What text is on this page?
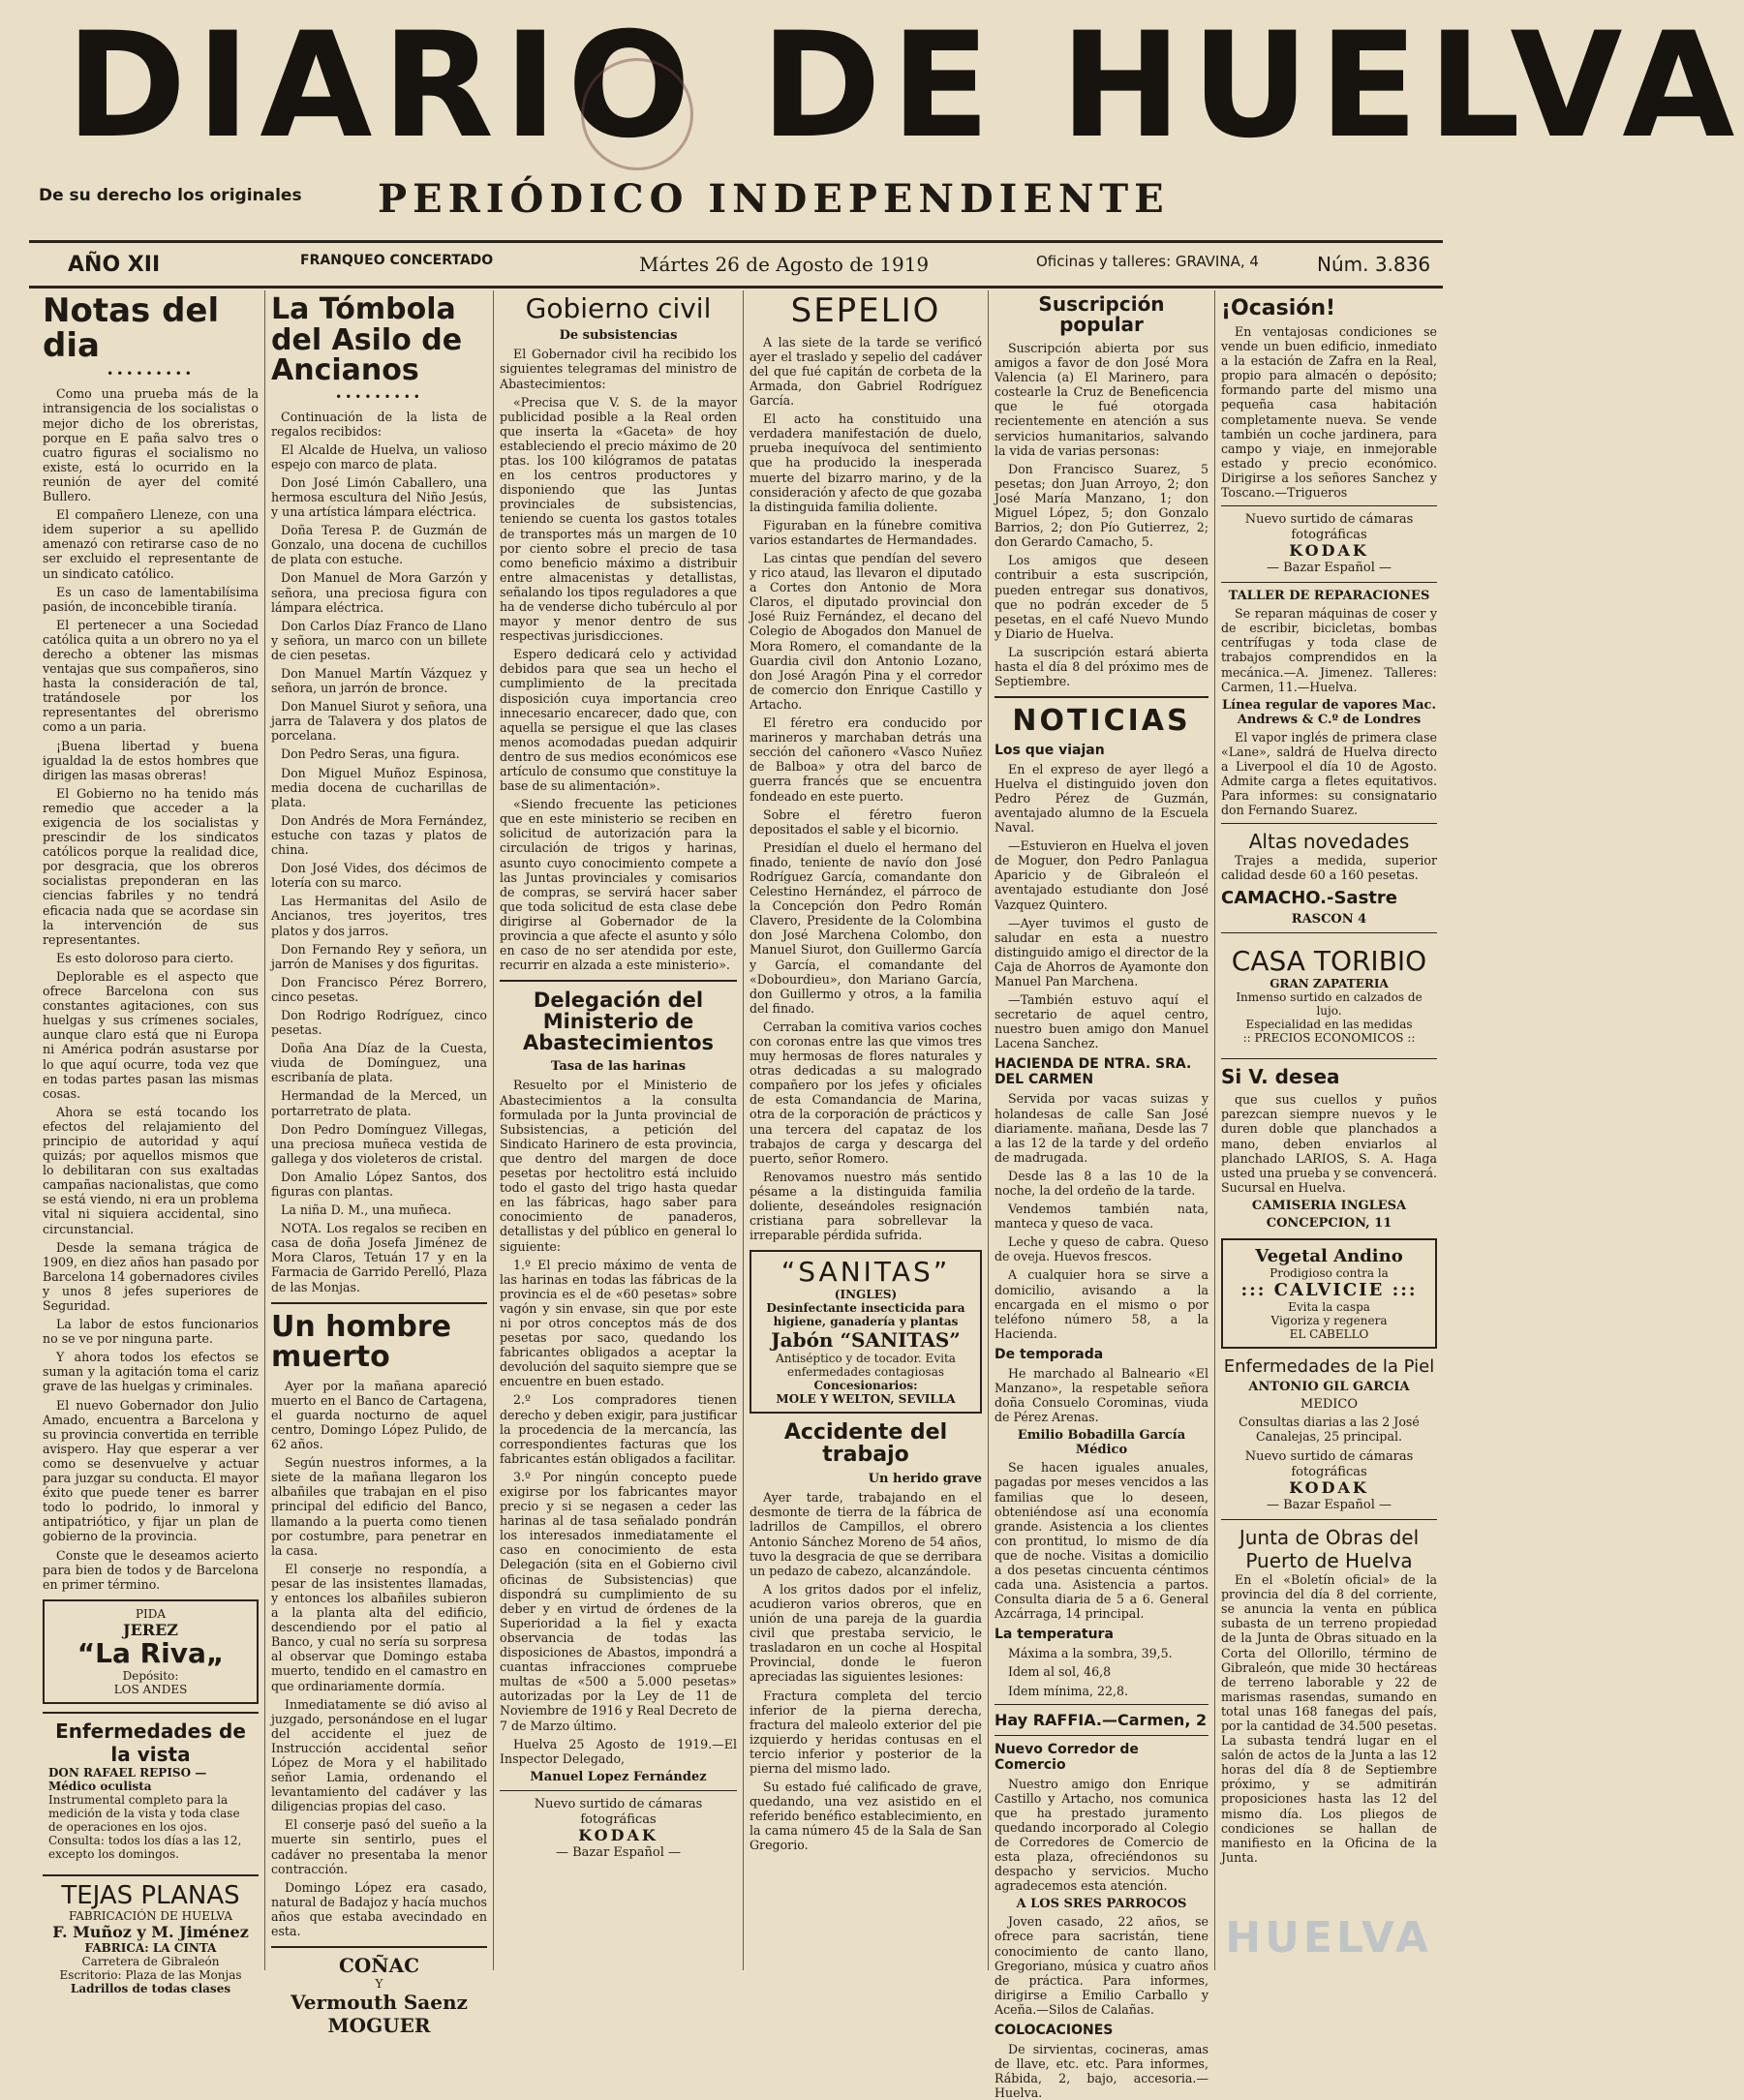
DIARIO DE HUELVA
De su derecho los originales PERIÓDICO INDEPENDIENTE
AÑO XII	FRANQUEO CONCERTADO	Mártes 26 de Agosto de 1919	Oficinas y talleres: GRAVINA, 4	Núm. 3.836
Notas del dia
•••••••••

Como una prueba más de la intransigencia de los socialistas o mejor dicho de los obreristas, porque en E paña salvo tres o cuatro figuras el socialismo no existe, está lo ocurrido en la reunión de ayer del comité Bullero.

El compañero Lleneze, con una idem superior a su apellido amenazó con retirarse caso de no ser excluido el representante de un sindicato católico.

Es un caso de lamentabilísima pasión, de inconcebible tiranía.

El pertenecer a una Sociedad católica quita a un obrero no ya el derecho a obtener las mismas ventajas que sus compañeros, sino hasta la consideración de tal, tratándosele por los representantes del obrerismo como a un paria.

¡Buena libertad y buena igualdad la de estos hombres que dirigen las masas obreras!

El Gobierno no ha tenido más remedio que acceder a la exigencia de los socialistas y prescindir de los sindicatos católicos porque la realidad dice, por desgracia, que los obreros socialistas preponderan en las ciencias fabriles y no tendrá eficacia nada que se acordase sin la intervención de sus representantes.

Es esto doloroso para cierto.

Deplorable es el aspecto que ofrece Barcelona con sus constantes agitaciones, con sus huelgas y sus crímenes sociales, aunque claro está que ni Europa ni América podrán asustarse por lo que aquí ocurre, toda vez que en todas partes pasan las mismas cosas.

Ahora se está tocando los efectos del relajamiento del principio de autoridad y aquí quizás; por aquellos mismos que lo debilitaran con sus exaltadas campañas nacionalistas, que como se está viendo, ni era un problema vital ni siquiera accidental, sino circunstancial.

Desde la semana trágica de 1909, en diez años han pasado por Barcelona 14 gobernadores civiles y unos 8 jefes superiores de Seguridad.

La labor de estos funcionarios no se ve por ninguna parte.

Y ahora todos los efectos se suman y la agitación toma el cariz grave de las huelgas y criminales.

El nuevo Gobernador don Julio Amado, encuentra a Barcelona y su provincia convertida en terrible avispero. Hay que esperar a ver como se desenvuelve y actuar para juzgar su conducta. El mayor éxito que puede tener es barrer todo lo podrido, lo inmoral y antipatriótico, y fijar un plan de gobierno de la provincia.

Conste que le deseamos acierto para bien de todos y de Barcelona en primer término.

PIDA
JEREZ
“La Riva„
Depósito:
LOS ANDES
Enfermedades de la vista
DON RAFAEL REPISO —Médico oculista
Instrumental completo para la medición de la vista y toda clase de operaciones en los ojos. Consulta: todos los días a las 12, excepto los domingos.
TEJAS PLANAS
FABRICACIÓN DE HUELVA
F. Muñoz y M. Jiménez
FABRICA: LA CINTA
Carretera de Gibraleón
Escritorio: Plaza de las Monjas
Ladrillos de todas clases
La Tómbola del Asilo de Ancianos
•••••••••

Continuación de la lista de regalos recibidos:

El Alcalde de Huelva, un valioso espejo con marco de plata.

Don José Limón Caballero, una hermosa escultura del Niño Jesús, y una artística lámpara eléctrica.

Doña Teresa P. de Guzmán de Gonzalo, una docena de cuchillos de plata con estuche.

Don Manuel de Mora Garzón y señora, una preciosa figura con lámpara eléctrica.

Don Carlos Díaz Franco de Llano y señora, un marco con un billete de cien pesetas.

Don Manuel Martín Vázquez y señora, un jarrón de bronce.

Don Manuel Siurot y señora, una jarra de Talavera y dos platos de porcelana.

Don Pedro Seras, una figura.

Don Miguel Muñoz Espinosa, media docena de cucharillas de plata.

Don Andrés de Mora Fernández, estuche con tazas y platos de china.

Don José Vides, dos décimos de lotería con su marco.

Las Hermanitas del Asilo de Ancianos, tres joyeritos, tres platos y dos jarros.

Don Fernando Rey y señora, un jarrón de Manises y dos figuritas.

Don Francisco Pérez Borrero, cinco pesetas.

Don Rodrigo Rodríguez, cinco pesetas.

Doña Ana Díaz de la Cuesta, viuda de Domínguez, una escribanía de plata.

Hermandad de la Merced, un portarretrato de plata.

Don Pedro Domínguez Villegas, una preciosa muñeca vestida de gallega y dos violeteros de cristal.

Don Amalio López Santos, dos figuras con plantas.

La niña D. M., una muñeca.

NOTA. Los regalos se reciben en casa de doña Josefa Jiménez de Mora Claros, Tetuán 17 y en la Farmacia de Garrido Perelló, Plaza de las Monjas.

Un hombre muerto

Ayer por la mañana apareció muerto en el Banco de Cartagena, el guarda nocturno de aquel centro, Domingo López Pulido, de 62 años.

Según nuestros informes, a la siete de la mañana llegaron los albañiles que trabajan en el piso principal del edificio del Banco, llamando a la puerta como tienen por costumbre, para penetrar en la casa.

El conserje no respondía, a pesar de las insistentes llamadas, y entonces los albañiles subieron a la planta alta del edificio, descendiendo por el patio al Banco, y cual no sería su sorpresa al observar que Domingo estaba muerto, tendido en el camastro en que ordinariamente dormía.

Inmediatamente se dió aviso al juzgado, personándose en el lugar del accidente el juez de Instrucción accidental señor López de Mora y el habilitado señor Lamia, ordenando el levantamiento del cadáver y las diligencias propias del caso.

El conserje pasó del sueño a la muerte sin sentirlo, pues el cadáver no presentaba la menor contracción.

Domingo López era casado, natural de Badajoz y hacía muchos años que estaba avecindado en esta.

COÑAC
Y
Vermouth Saenz
MOGUER
Gobierno civil
De subsistencias

El Gobernador civil ha recibido los siguientes telegramas del ministro de Abastecimientos:

«Precisa que V. S. de la mayor publicidad posible a la Real orden que inserta la «Gaceta» de hoy estableciendo el precio máximo de 20 ptas. los 100 kilógramos de patatas en los centros productores y disponiendo que las Juntas provinciales de subsistencias, teniendo se cuenta los gastos totales de transportes más un margen de 10 por ciento sobre el precio de tasa como beneficio máximo a distribuir entre almacenistas y detallistas, señalando los tipos reguladores a que ha de venderse dicho tubérculo al por mayor y menor dentro de sus respectivas jurisdicciones.

Espero dedicará celo y actividad debidos para que sea un hecho el cumplimiento de la precitada disposición cuya importancia creo innecesario encarecer, dado que, con aquella se persigue el que las clases menos acomodadas puedan adquirir dentro de sus medios económicos ese artículo de consumo que constituye la base de su alimentación».

«Siendo frecuente las peticiones que en este ministerio se reciben en solicitud de autorización para la circulación de trigos y harinas, asunto cuyo conocimiento compete a las Juntas provinciales y comisarios de compras, se servirá hacer saber que toda solicitud de esta clase debe dirigirse al Gobernador de la provincia a que afecte el asunto y sólo en caso de no ser atendida por este, recurrir en alzada a este ministerio».

Delegación del Ministerio de Abastecimientos
Tasa de las harinas

Resuelto por el Ministerio de Abastecimientos a la consulta formulada por la Junta provincial de Subsistencias, a petición del Sindicato Harinero de esta provincia, que dentro del margen de doce pesetas por hectolitro está incluido todo el gasto del trigo hasta quedar en las fábricas, hago saber para conocimiento de panaderos, detallistas y del público en general lo siguiente:

1.º El precio máximo de venta de las harinas en todas las fábricas de la provincia es el de «60 pesetas» sobre vagón y sin envase, sin que por este ni por otros conceptos más de dos pesetas por saco, quedando los fabricantes obligados a aceptar la devolución del saquito siempre que se encuentre en buen estado.

2.º Los compradores tienen derecho y deben exigir, para justificar la procedencia de la mercancía, las correspondientes facturas que los fabricantes están obligados a facilitar.

3.º Por ningún concepto puede exigirse por los fabricantes mayor precio y si se negasen a ceder las harinas al de tasa señalado pondrán los interesados inmediatamente el caso en conocimiento de esta Delegación (sita en el Gobierno civil oficinas de Subsistencias) que dispondrá su cumplimiento de su deber y en virtud de órdenes de la Superioridad a la fiel y exacta observancia de todas las disposiciones de Abastos, impondrá a cuantas infracciones compruebe multas de «500 a 5.000 pesetas» autorizadas por la Ley de 11 de Noviembre de 1916 y Real Decreto de 7 de Marzo último.

Huelva 25 Agosto de 1919.—El Inspector Delegado,

Manuel Lopez Fernández
Nuevo surtido de cámaras fotográficas
KODAK
— Bazar Español —
SEPELIO

A las siete de la tarde se verificó ayer el traslado y sepelio del cadáver del que fué capitán de corbeta de la Armada, don Gabriel Rodríguez García.

El acto ha constituido una verdadera manifestación de duelo, prueba inequívoca del sentimiento que ha producido la inesperada muerte del bizarro marino, y de la consideración y afecto de que gozaba la distinguida familia doliente.

Figuraban en la fúnebre comitiva varios estandartes de Hermandades.

Las cintas que pendían del severo y rico ataud, las llevaron el diputado a Cortes don Antonio de Mora Claros, el diputado provincial don José Ruiz Fernández, el decano del Colegio de Abogados don Manuel de Mora Romero, el comandante de la Guardia civil don Antonio Lozano, don José Aragón Pina y el corredor de comercio don Enrique Castillo y Artacho.

El féretro era conducido por marineros y marchaban detrás una sección del cañonero «Vasco Nuñez de Balboa» y otra del barco de guerra francés que se encuentra fondeado en este puerto.

Sobre el féretro fueron depositados el sable y el bicornio.

Presidían el duelo el hermano del finado, teniente de navío don José Rodríguez García, comandante don Celestino Hernández, el párroco de la Concepción don Pedro Román Clavero, Presidente de la Colombina don José Marchena Colombo, don Manuel Siurot, don Guillermo García y García, el comandante del «Dobourdieu», don Mariano García, don Guillermo y otros, a la familia del finado.

Cerraban la comitiva varios coches con coronas entre las que vimos tres muy hermosas de flores naturales y otras dedicadas a su malogrado compañero por los jefes y oficiales de esta Comandancia de Marina, otra de la corporación de prácticos y una tercera del capataz de los trabajos de carga y descarga del puerto, señor Romero.

Renovamos nuestro más sentido pésame a la distinguida familia doliente, deseándoles resignación cristiana para sobrellevar la irreparable pérdida sufrida.

“SANITAS”
(INGLES)
Desinfectante insecticida para higiene, ganadería y plantas
Jabón “SANITAS”
Antiséptico y de tocador. Evita enfermedades contagiosas
Concesionarios:
MOLE Y WELTON, SEVILLA
Accidente del trabajo
Un herido grave

Ayer tarde, trabajando en el desmonte de tierra de la fábrica de ladrillos de Campillos, el obrero Antonio Sánchez Moreno de 54 años, tuvo la desgracia de que se derribara un pedazo de cabezo, alcanzándole.

A los gritos dados por el infeliz, acudieron varios obreros, que en unión de una pareja de la guardia civil que prestaba servicio, le trasladaron en un coche al Hospital Provincial, donde le fueron apreciadas las siguientes lesiones:

Fractura completa del tercio inferior de la pierna derecha, fractura del maleolo exterior del pie izquierdo y heridas contusas en el tercio inferior y posterior de la pierna del mismo lado.

Su estado fué calificado de grave, quedando, una vez asistido en el referido benéfico establecimiento, en la cama número 45 de la Sala de San Gregorio.

Suscripción popular

Suscripción abierta por sus amigos a favor de don José Mora Valencia (a) El Marinero, para costearle la Cruz de Beneficencia que le fué otorgada recientemente en atención a sus servicios humanitarios, salvando la vida de varias personas:

Don Francisco Suarez, 5 pesetas; don Juan Arroyo, 2; don José María Manzano, 1; don Miguel López, 5; don Gonzalo Barrios, 2; don Pío Gutierrez, 2; don Gerardo Camacho, 5.

Los amigos que deseen contribuir a esta suscripción, pueden entregar sus donativos, que no podrán exceder de 5 pesetas, en el café Nuevo Mundo y Diario de Huelva.

La suscripción estará abierta hasta el día 8 del próximo mes de Septiembre.

NOTICIAS
Los que viajan

En el expreso de ayer llegó a Huelva el distinguido joven don Pedro Pérez de Guzmán, aventajado alumno de la Escuela Naval.

—Estuvieron en Huelva el joven de Moguer, don Pedro Panlagua Aparicio y de Gibraleón el aventajado estudiante don José Vazquez Quintero.

—Ayer tuvimos el gusto de saludar en esta a nuestro distinguido amigo el director de la Caja de Ahorros de Ayamonte don Manuel Pan Marchena.

—También estuvo aquí el secretario de aquel centro, nuestro buen amigo don Manuel Lacena Sanchez.

HACIENDA DE NTRA. SRA. DEL CARMEN

Servida por vacas suizas y holandesas de calle San José diariamente. mañana, Desde las 7 a las 12 de la tarde y del ordeño de madrugada.

Desde las 8 a las 10 de la noche, la del ordeño de la tarde.

Vendemos también nata, manteca y queso de vaca.

Leche y queso de cabra. Queso de oveja. Huevos frescos.

A cualquier hora se sirve a domicilio, avisando a la encargada en el mismo o por teléfono número 58, a la Hacienda.

De temporada

He marchado al Balneario «El Manzano», la respetable señora doña Consuelo Corominas, viuda de Pérez Arenas.

Emilio Bobadilla García Médico

Se hacen iguales anuales, pagadas por meses vencidos a las familias que lo deseen, obteniéndose así una economía grande. Asistencia a los clientes con prontitud, lo mismo de día que de noche. Visitas a domicilio a dos pesetas cincuenta céntimos cada una. Asistencia a partos. Consulta diaria de 5 a 6. General Azcárraga, 14 principal.

La temperatura

Máxima a la sombra, 39,5.

Idem al sol, 46,8

Idem mínima, 22,8.

Hay RAFFIA.—Carmen, 2
Nuevo Corredor de Comercio

Nuestro amigo don Enrique Castillo y Artacho, nos comunica que ha prestado juramento quedando incorporado al Colegio de Corredores de Comercio de esta plaza, ofreciéndonos su despacho y servicios. Mucho agradecemos esta atención.

A LOS SRES PARROCOS

Joven casado, 22 años, se ofrece para sacristán, tiene conocimiento de canto llano, Gregoriano, música y cuatro años de práctica. Para informes, dirigirse a Emilio Carballo y Aceña.—Silos de Calañas.

COLOCACIONES

De sirvientas, cocineras, amas de llave, etc. etc. Para informes, Rábida, 2, bajo, accesoria.—Huelva.

¡Ocasión!

En ventajosas condiciones se vende un buen edificio, inmediato a la estación de Zafra en la Real, propio para almacén o depósito; formando parte del mismo una pequeña casa habitación completamente nueva. Se vende también un coche jardinera, para campo y viaje, en inmejorable estado y precio económico. Dirigirse a los señores Sanchez y Toscano.—Trigueros

Nuevo surtido de cámaras fotográficas
KODAK
— Bazar Español —
TALLER DE REPARACIONES

Se reparan máquinas de coser y de escribir, bicicletas, bombas centrífugas y toda clase de trabajos comprendidos en la mecánica.—A. Jimenez. Talleres: Carmen, 11.—Huelva.

Línea regular de vapores Mac. Andrews & C.º de Londres

El vapor inglés de primera clase «Lane», saldrá de Huelva directo a Liverpool el día 10 de Agosto. Admite carga a fletes equitativos. Para informes: su consignatario don Fernando Suarez.

Altas novedades

Trajes a medida, superior calidad desde 60 a 160 pesetas.

CAMACHO.-Sastre
RASCON 4
CASA TORIBIO
GRAN ZAPATERIA
Inmenso surtido en calzados de lujo.
Especialidad en las medidas
:: PRECIOS ECONOMICOS ::
Si V. desea

que sus cuellos y puños parezcan siempre nuevos y le duren doble que planchados a mano, deben enviarlos al planchado LARIOS, S. A. Haga usted una prueba y se convencerá. Sucursal en Huelva.

CAMISERIA INGLESA
CONCEPCION, 11
Vegetal Andino
Prodigioso contra la
::: CALVICIE :::
Evita la caspa
Vigoriza y regenera
EL CABELLO
Enfermedades de la Piel
ANTONIO GIL GARCIA
MEDICO

Consultas diarias a las 2 José Canalejas, 25 principal.

Nuevo surtido de cámaras fotográficas
KODAK
— Bazar Español —
Junta de Obras del Puerto de Huelva

En el «Boletín oficial» de la provincia del día 8 del corriente, se anuncia la venta en pública subasta de un terreno propiedad de la Junta de Obras situado en la Corta del Ollorillo, término de Gibraleón, que mide 30 hectáreas de terreno laborable y 22 de marismas rasendas, sumando en total unas 168 fanegas del país, por la cantidad de 34.500 pesetas. La subasta tendrá lugar en el salón de actos de la Junta a las 12 horas del día 8 de Septiembre próximo, y se admitirán proposiciones hasta las 12 del mismo día. Los pliegos de condiciones se hallan de manifiesto en la Oficina de la Junta.

HUELVA
